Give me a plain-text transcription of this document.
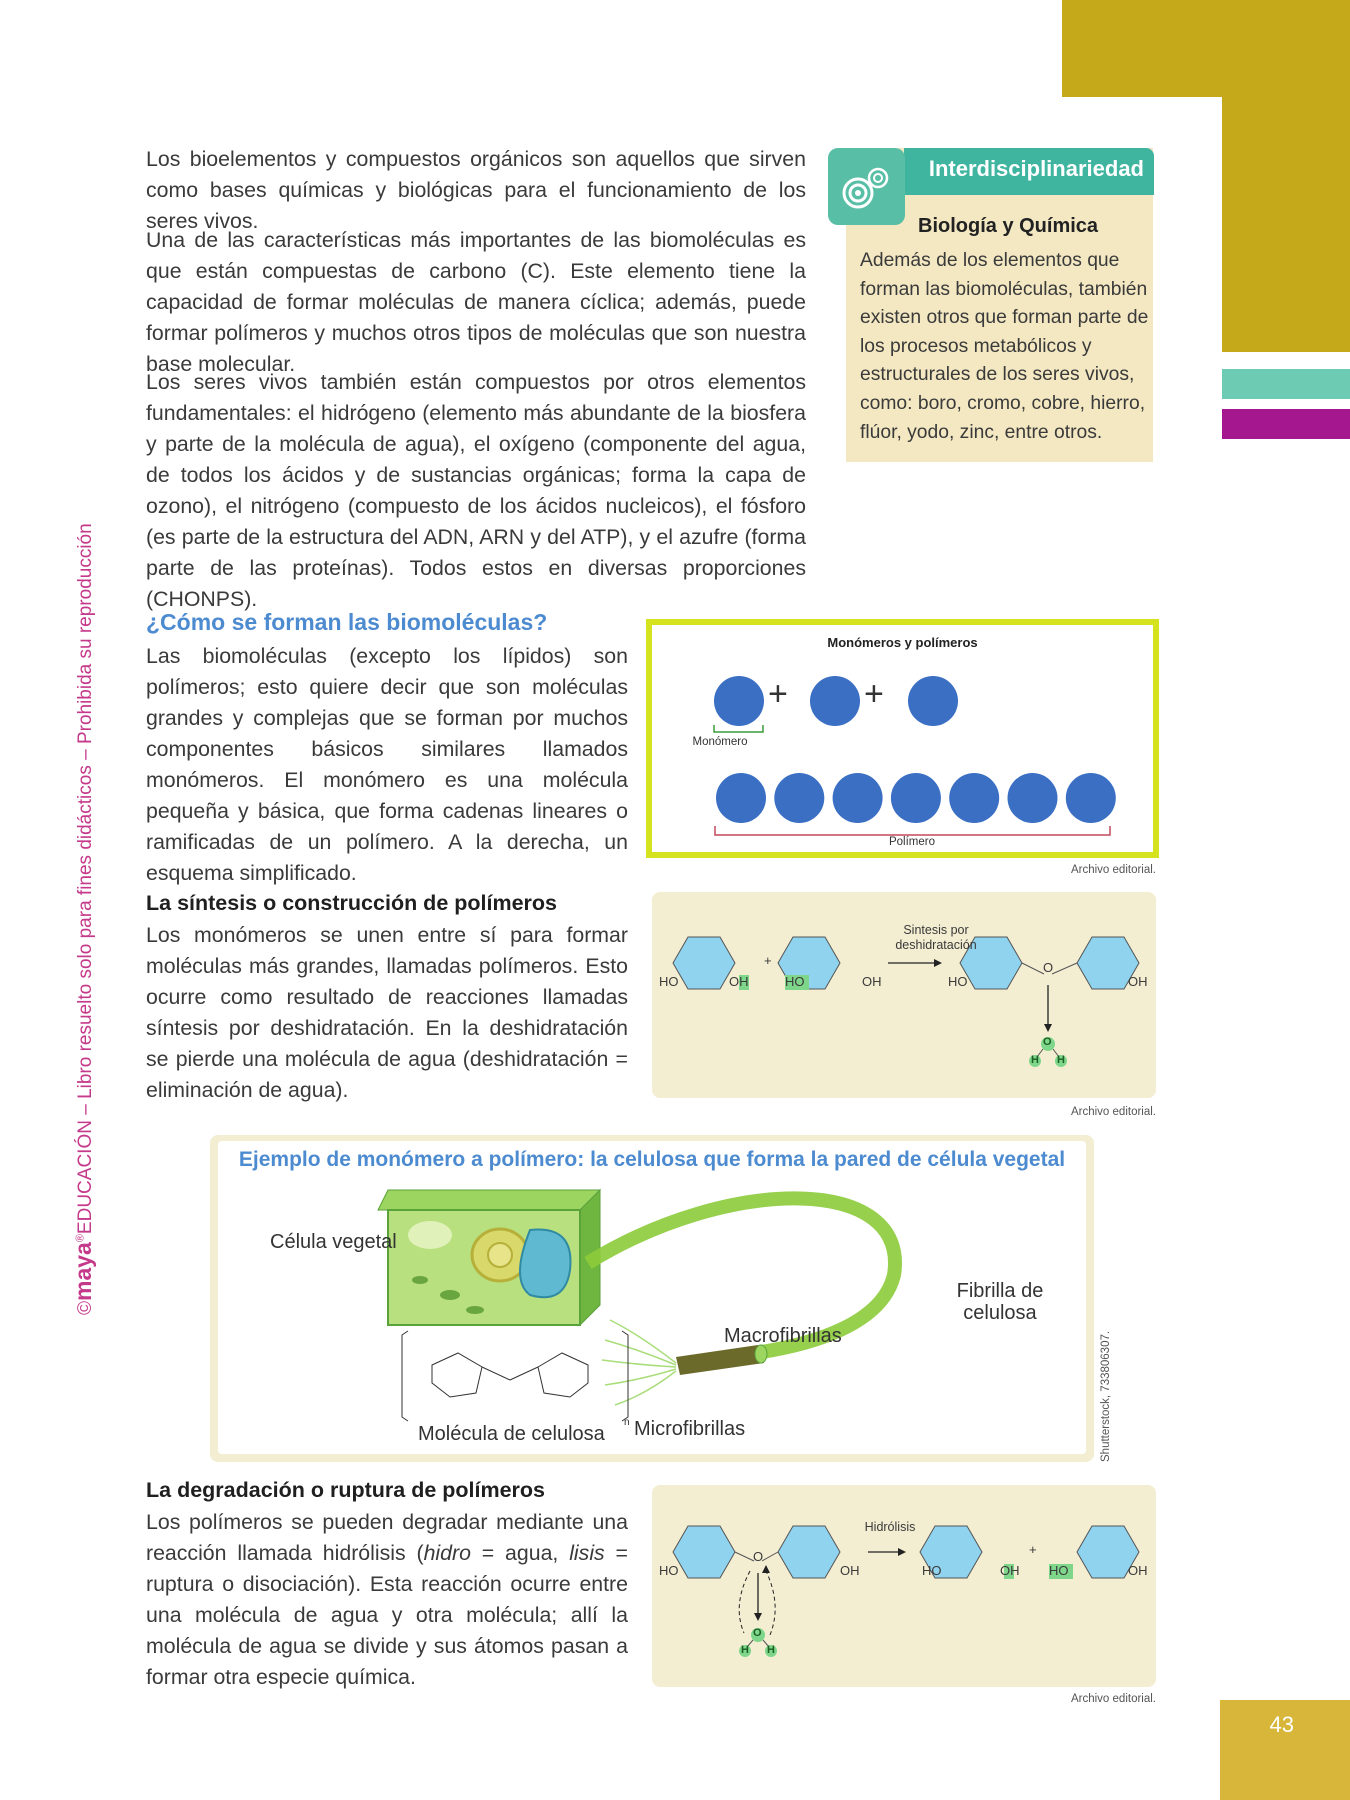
©maya®EDUCACIÓN – Libro resuelto solo para fines didácticos – Prohibida su reproducción
Los bioelementos y compuestos orgánicos son aquellos que sirven como bases químicas y biológicas para el funcionamiento de los seres vivos.
Una de las características más importantes de las biomoléculas es que están compuestas de carbono (C). Este elemento tiene la capacidad de formar moléculas de manera cíclica; además, puede formar polímeros y muchos otros tipos de moléculas que son nuestra base molecular.
Los seres vivos también están compuestos por otros elementos fundamentales: el hidrógeno (elemento más abundante de la biosfera y parte de la molécula de agua), el oxígeno (componente del agua, de todos los ácidos y de sustancias orgánicas; forma la capa de ozono), el nitrógeno (compuesto de los ácidos nucleicos), el fósforo (es parte de la estructura del ADN, ARN y del ATP), y el azufre (forma parte de las proteínas). Todos estos en diversas proporciones (CHONPS).
Interdisciplinariedad
Biología y Química
Además de los elementos que forman las biomoléculas, también existen otros que forman parte de los procesos metabólicos y estructurales de los seres vivos, como: boro, cromo, cobre, hierro, flúor, yodo, zinc, entre otros.
¿Cómo se forman las biomoléculas?
Las biomoléculas (excepto los lípidos) son polímeros; esto quiere decir que son moléculas grandes y complejas que se forman por muchos componentes básicos similares llamados monómeros. El monómero es una molécula pequeña y básica, que forma cadenas lineares o ramificadas de un polímero. A la derecha, un esquema simplificado.
Monómeros y polímeros
Monómero
Polímero
+ +
Archivo editorial.
La síntesis o construcción de polímeros
Los monómeros se unen entre sí para formar moléculas más grandes, llamadas polímeros. Esto ocurre como resultado de reacciones llamadas síntesis por deshidratación. En la deshidratación se pierde una molécula de agua (deshidratación = eliminación de agua).
HO	OH
+
HO	OH
Sintesis por
deshidratación
HO
O
OH
O
H H
Archivo editorial.
Ejemplo de monómero a polímero: la celulosa que forma la pared de célula vegetal
Célula vegetal
Fibrilla de
celulosa
Macrofibrillas
Microfibrillas
Molécula de celulosa
n	Shutterstock, 733806307.
La degradación o ruptura de polímeros
Los polímeros se pueden degradar mediante una reacción llamada hidrólisis (hidro = agua, lisis = ruptura o disociación). Esta reacción ocurre entre una molécula de agua y otra molécula; allí la molécula de agua se divide y sus átomos pasan a formar otra especie química.
HO
O
OH
Hidrólisis
HO	OH
+
HO	OH
O
H H
Archivo editorial.
43
